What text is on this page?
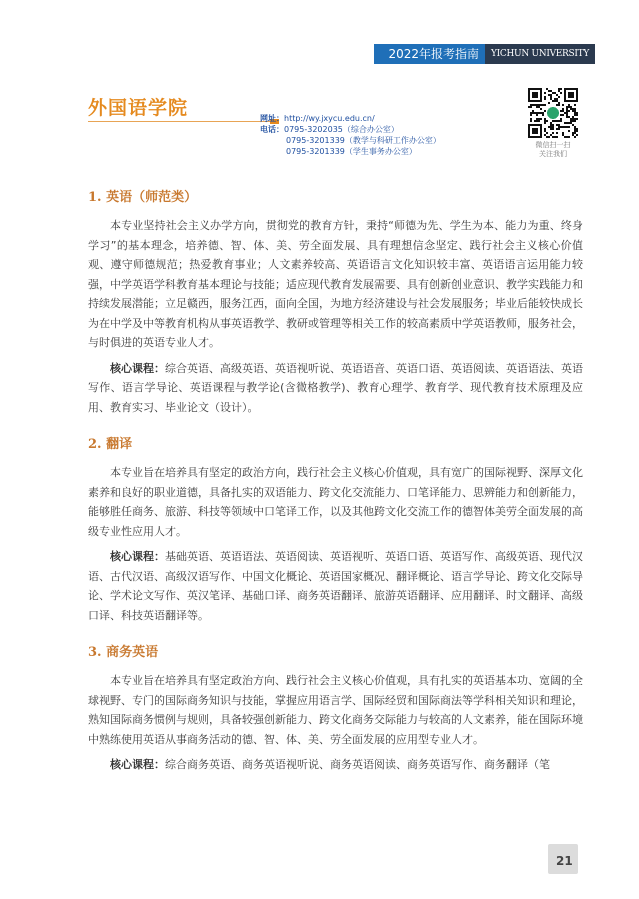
2022年报考指南	YICHUN UNIVERSITY
外国语学院	网址：http://wy.jxycu.edu.cn/
电话：0795-3202035（综合办公室）
0795-3201339（教学与科研工作办公室）
0795-3201339（学生事务办公室）
微信扫一扫
关注我们
1. 英语（师范类）

本专业坚持社会主义办学方向，贯彻党的教育方针，秉持“师德为先、学生为本、能力为重、终身学习”的基本理念，培养德、智、体、美、劳全面发展、具有理想信念坚定、践行社会主义核心价值观、遵守师德规范；热爱教育事业；人文素养较高、英语语言文化知识较丰富、英语语言运用能力较强，中学英语学科教育基本理论与技能；适应现代教育发展需要、具有创新创业意识、教学实践能力和持续发展潜能；立足赣西，服务江西，面向全国，为地方经济建设与社会发展服务；毕业后能较快成长为在中学及中等教育机构从事英语教学、教研或管理等相关工作的较高素质中学英语教师，服务社会，与时俱进的英语专业人才。

核心课程：综合英语、高级英语、英语视听说、英语语音、英语口语、英语阅读、英语语法、英语写作、语言学导论、英语课程与教学论(含微格教学)、教育心理学、教育学、现代教育技术原理及应用、教育实习、毕业论文（设计）。

2. 翻译

本专业旨在培养具有坚定的政治方向，践行社会主义核心价值观，具有宽广的国际视野、深厚文化素养和良好的职业道德，具备扎实的双语能力、跨文化交流能力、口笔译能力、思辨能力和创新能力，能够胜任商务、旅游、科技等领域中口笔译工作，以及其他跨文化交流工作的德智体美劳全面发展的高级专业性应用人才。

核心课程：基础英语、英语语法、英语阅读、英语视听、英语口语、英语写作、高级英语、现代汉语、古代汉语、高级汉语写作、中国文化概论、英语国家概况、翻译概论、语言学导论、跨文化交际导论、学术论文写作、英汉笔译、基础口译、商务英语翻译、旅游英语翻译、应用翻译、时文翻译、高级口译、科技英语翻译等。

3. 商务英语

本专业旨在培养具有坚定政治方向、践行社会主义核心价值观，具有扎实的英语基本功、宽阔的全球视野、专门的国际商务知识与技能，掌握应用语言学、国际经贸和国际商法等学科相关知识和理论，熟知国际商务惯例与规则，具备较强创新能力、跨文化商务交际能力与较高的人文素养，能在国际环境中熟练使用英语从事商务活动的德、智、体、美、劳全面发展的应用型专业人才。

核心课程：综合商务英语、商务英语视听说、商务英语阅读、商务英语写作、商务翻译（笔

21
